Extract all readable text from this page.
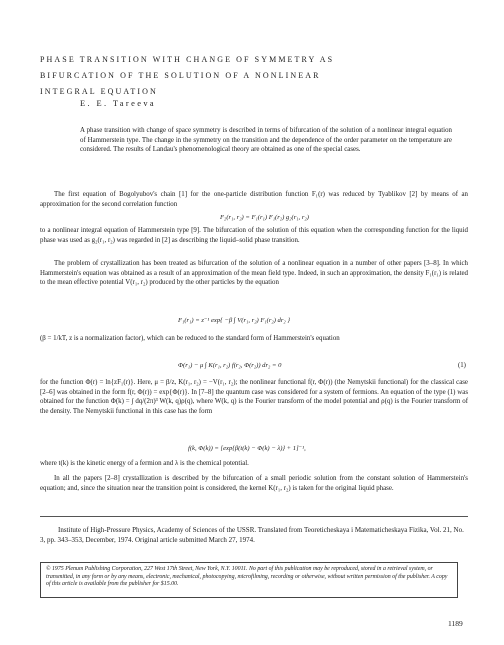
PHASE TRANSITION WITH CHANGE OF SYMMETRY AS
BIFURCATION OF THE SOLUTION OF A NONLINEAR
INTEGRAL EQUATION
E. E. Tareeva
A phase transition with change of space symmetry is described in terms of bifurcation of the solution of a nonlinear integral equation of Hammerstein type. The change in the symmetry on the transition and the dependence of the order parameter on the temperature are considered. The results of Landau's phenomenological theory are obtained as one of the special cases.

The first equation of Bogolyubov's chain [1] for the one-particle distribution function F₁(r) was reduced by Tyablikov [2] by means of an approximation for the second correlation function

F₂(r₁, r₂) = F₁(r₁) F₁(r₂) g₂(r₁, r₂)

to a nonlinear integral equation of Hammerstein type [9]. The bifurcation of the solution of this equation when the corresponding function for the liquid phase was used as g₂(r₁, r₂) was regarded in [2] as describing the liquid–solid phase transition.

The problem of crystallization has been treated as bifurcation of the solution of a nonlinear equation in a number of other papers [3–8]. In which Hammerstein's equation was obtained as a result of an approximation of the mean field type. Indeed, in such an approximation, the density F₁(r₁) is related to the mean effective potential V(r₁, r₂) produced by the other particles by the equation

F₁(r₁) = z⁻¹ exp{ −β ∫ V(r₁, r₂) F₁(r₂) dr₂ }

(β = 1/kT, z is a normalization factor), which can be reduced to the standard form of Hammerstein's equation

Φ(r₁) − μ ∫ K(r₁, r₂) f(r₂, Φ(r₂)) dr₂ = 0	(1)

for the function Φ(r) = ln{zF₁(r)}. Here, μ = β/z, K(r₁, r₂) = −V(r₁, r₂); the nonlinear functional f(r, Φ(r)) (the Nemytskii functional) for the classical case [2–6] was obtained in the form f(r, Φ(r)) = exp{Φ(r)}. In [7–8] the quantum case was considered for a system of fermions. An equation of the type (1) was obtained for the function Φ(k) = ∫ dq/(2π)³ W(k, q)ρ(q), where W(k, q) is the Fourier transform of the model potential and ρ(q) is the Fourier transform of the density. The Nemytskii functional in this case has the form

f(k, Φ(k)) = [exp{β(t(k) − Φ(k) − λ)} + 1]⁻¹,

where t(k) is the kinetic energy of a fermion and λ is the chemical potential.

In all the papers [2–8] crystallization is described by the bifurcation of a small periodic solution from the constant solution of Hammerstein's equation; and, since the situation near the transition point is considered, the kernel K(r₁, r₂) is taken for the original liquid phase.

Institute of High-Pressure Physics, Academy of Sciences of the USSR. Translated from Teoreticheskaya i Matematicheskaya Fizika, Vol. 21, No. 3, pp. 343–353, December, 1974. Original article submitted March 27, 1974.

© 1975 Plenum Publishing Corporation, 227 West 17th Street, New York, N.Y. 10011. No part of this publication may be reproduced, stored in a retrieval system, or transmitted, in any form or by any means, electronic, mechanical, photocopying, microfilming, recording or otherwise, without written permission of the publisher. A copy of this article is available from the publisher for $15.00.
1189
